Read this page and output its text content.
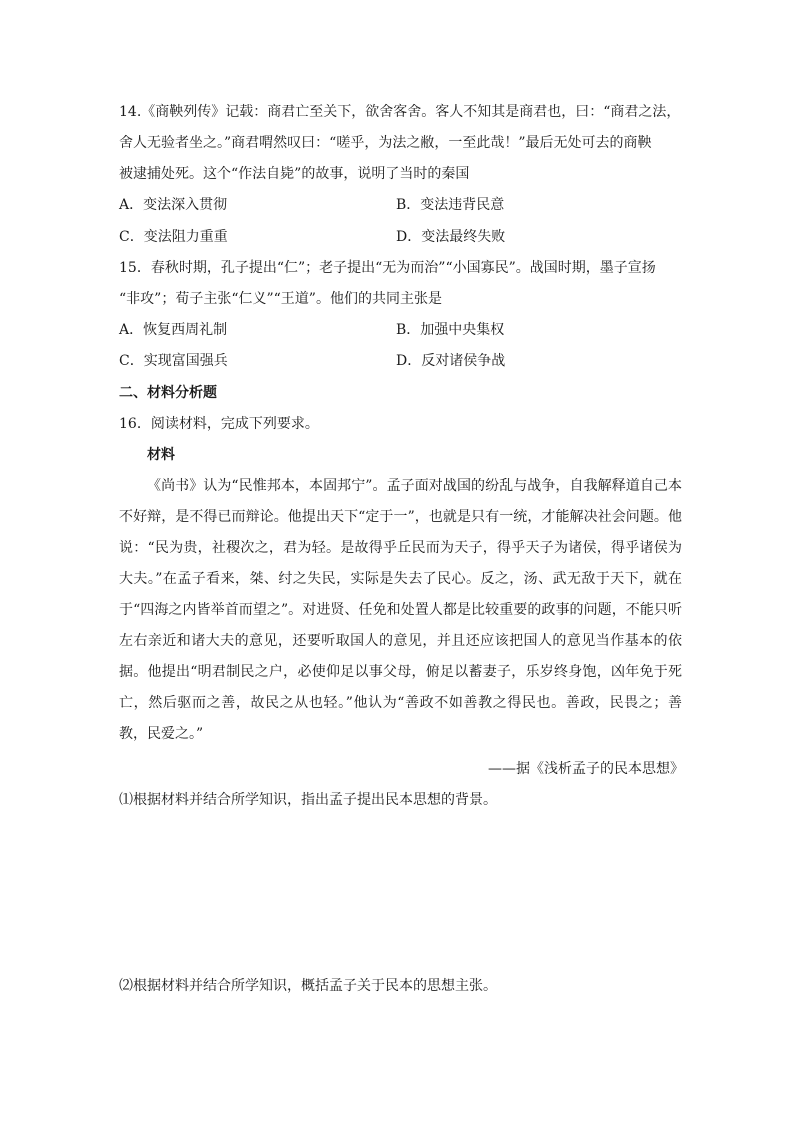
14.《商鞅列传》记载：商君亡至关下，欲舍客舍。客人不知其是商君也，曰：“商君之法，
舍人无验者坐之。”商君喟然叹曰：“嗟乎，为法之敝，一至此哉！”最后无处可去的商鞅
被逮捕处死。这个“作法自毙”的故事，说明了当时的秦国
A．变法深入贯彻	B．变法违背民意
C．变法阻力重重	D．变法最终失败
15．春秋时期，孔子提出“仁”；老子提出“无为而治”“小国寡民”。战国时期，墨子宣扬
“非攻”；荀子主张“仁义”“王道”。他们的共同主张是
A．恢复西周礼制	B．加强中央集权
C．实现富国强兵	D．反对诸侯争战
二、材料分析题
16．阅读材料，完成下列要求。
材料
《尚书》认为“民惟邦本，本固邦宁”。孟子面对战国的纷乱与战争，自我解释道自己本不好辩，是不得已而辩论。他提出天下“定于一”，也就是只有一统，才能解决社会问题。他说：“民为贵，社稷次之，君为轻。是故得乎丘民而为天子，得乎天子为诸侯，得乎诸侯为大夫。”在孟子看来，桀、纣之失民，实际是失去了民心。反之，汤、武无敌于天下，就在于“四海之内皆举首而望之”。对进贤、任免和处置人都是比较重要的政事的问题，不能只听左右亲近和诸大夫的意见，还要听取国人的意见，并且还应该把国人的意见当作基本的依据。他提出“明君制民之户，必使仰足以事父母，俯足以蓄妻子，乐岁终身饱，凶年免于死亡，然后驱而之善，故民之从也轻。”他认为“善政不如善教之得民也。善政，民畏之；善教，民爱之。”
——据《浅析孟子的民本思想》
⑴根据材料并结合所学知识，指出孟子提出民本思想的背景。
⑵根据材料并结合所学知识，概括孟子关于民本的思想主张。
